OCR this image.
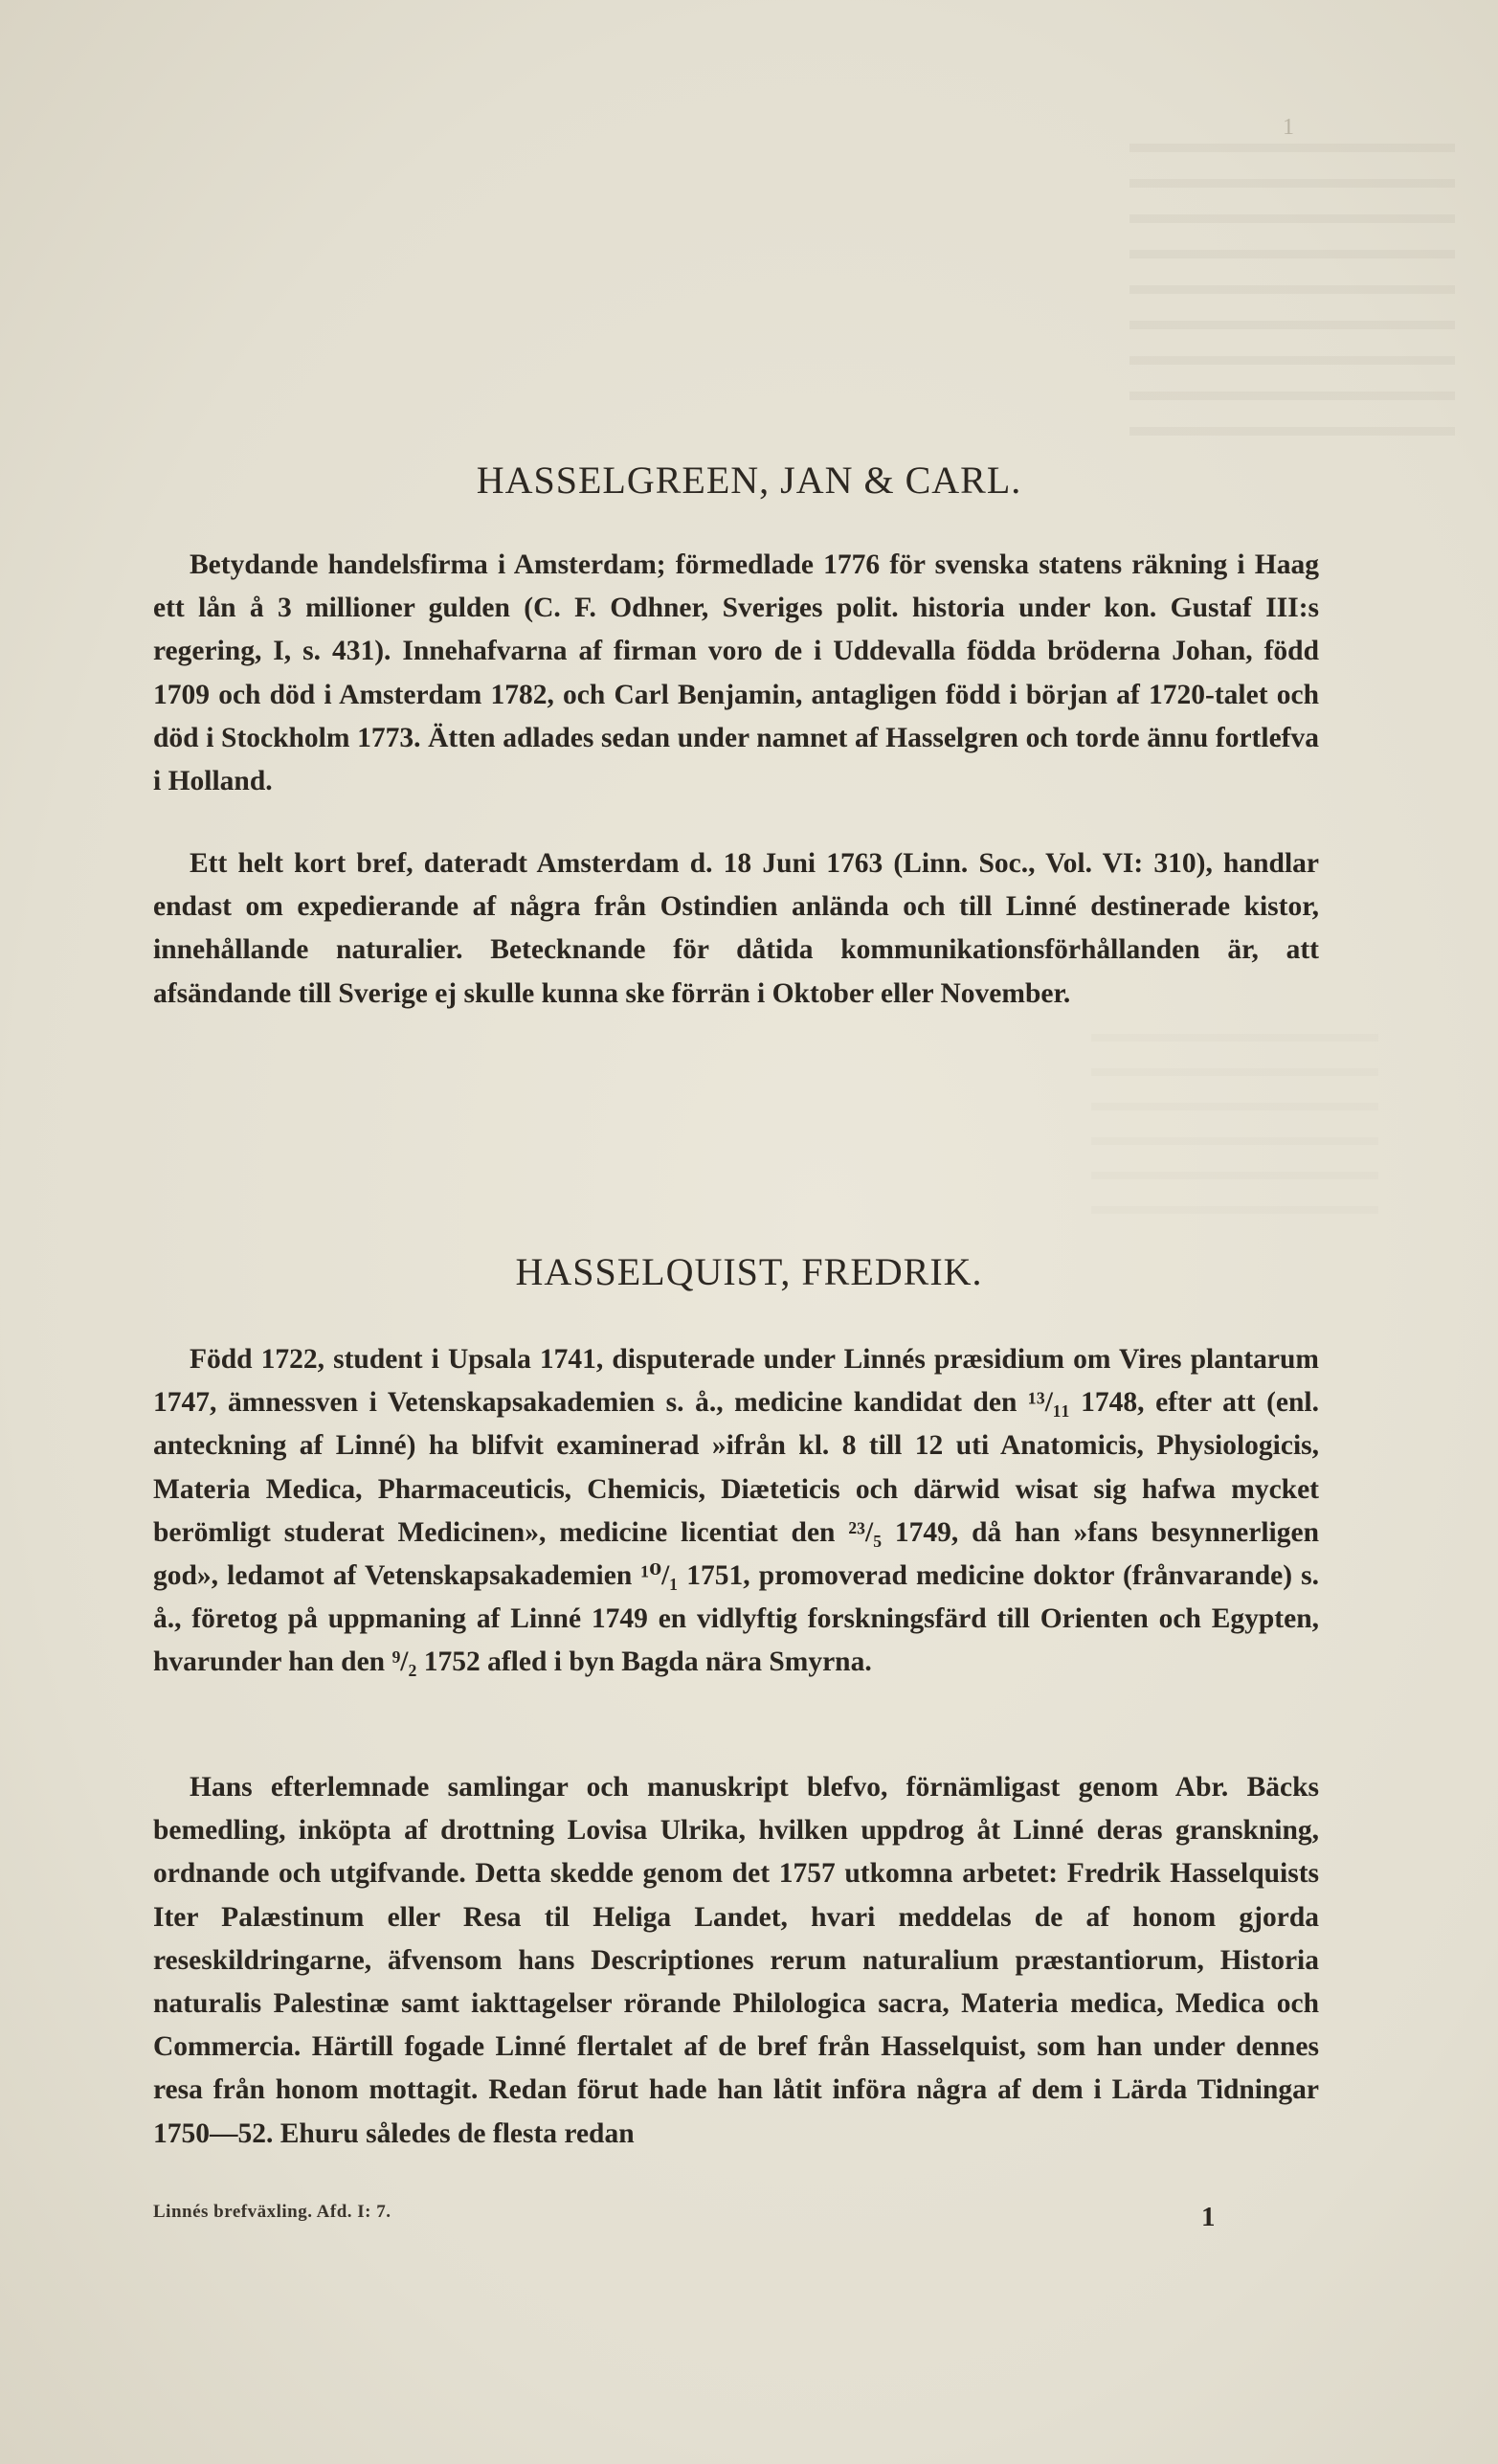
1
HASSELGREEN, JAN & CARL.

Betydande handelsfirma i Amsterdam; förmedlade 1776 för svenska statens räkning i Haag ett lån å 3 millioner gulden (C. F. Odhner, Sveriges polit. historia under kon. Gustaf III:s regering, I, s. 431). Innehafvarna af firman voro de i Uddevalla födda bröderna Johan, född 1709 och död i Amsterdam 1782, och Carl Benjamin, antagligen född i början af 1720-talet och död i Stockholm 1773. Ätten adlades sedan under namnet af Hasselgren och torde ännu fortlefva i Holland.

Ett helt kort bref, dateradt Amsterdam d. 18 Juni 1763 (Linn. Soc., Vol. VI: 310), handlar endast om expedierande af några från Ostindien anlända och till Linné destinerade kistor, innehållande naturalier. Betecknande för dåtida kommunikationsförhållanden är, att afsändande till Sverige ej skulle kunna ske förrän i Oktober eller November.

HASSELQUIST, FREDRIK.

Född 1722, student i Upsala 1741, disputerade under Linnés præsidium om Vires plantarum 1747, ämnessven i Vetenskapsakademien s. å., medicine kandidat den ¹³/₁₁ 1748, efter att (enl. anteckning af Linné) ha blifvit examinerad »ifrån kl. 8 till 12 uti Anatomicis, Physiologicis, Materia Medica, Pharmaceuticis, Chemicis, Diæteticis och därwid wisat sig hafwa mycket berömligt studerat Medicinen», medicine licentiat den ²³/₅ 1749, då han »fans besynnerligen god», ledamot af Vetenskapsakademien ¹⁰/₁ 1751, promoverad medicine doktor (frånvarande) s. å., företog på uppmaning af Linné 1749 en vidlyftig forskningsfärd till Orienten och Egypten, hvarunder han den ⁹/₂ 1752 afled i byn Bagda nära Smyrna.

Hans efterlemnade samlingar och manuskript blefvo, förnämligast genom Abr. Bäcks bemedling, inköpta af drottning Lovisa Ulrika, hvilken uppdrog åt Linné deras granskning, ordnande och utgifvande. Detta skedde genom det 1757 utkomna arbetet: Fredrik Hasselquists Iter Palæstinum eller Resa til Heliga Landet, hvari meddelas de af honom gjorda reseskildringarne, äfvensom hans Descriptiones rerum naturalium præstantiorum, Historia naturalis Palestinæ samt iakttagelser rörande Philologica sacra, Materia medica, Medica och Commercia. Härtill fogade Linné flertalet af de bref från Hasselquist, som han under dennes resa från honom mottagit. Redan förut hade han låtit införa några af dem i Lärda Tidningar 1750—52. Ehuru således de flesta redan

Linnés brefväxling. Afd. I: 7.	1
